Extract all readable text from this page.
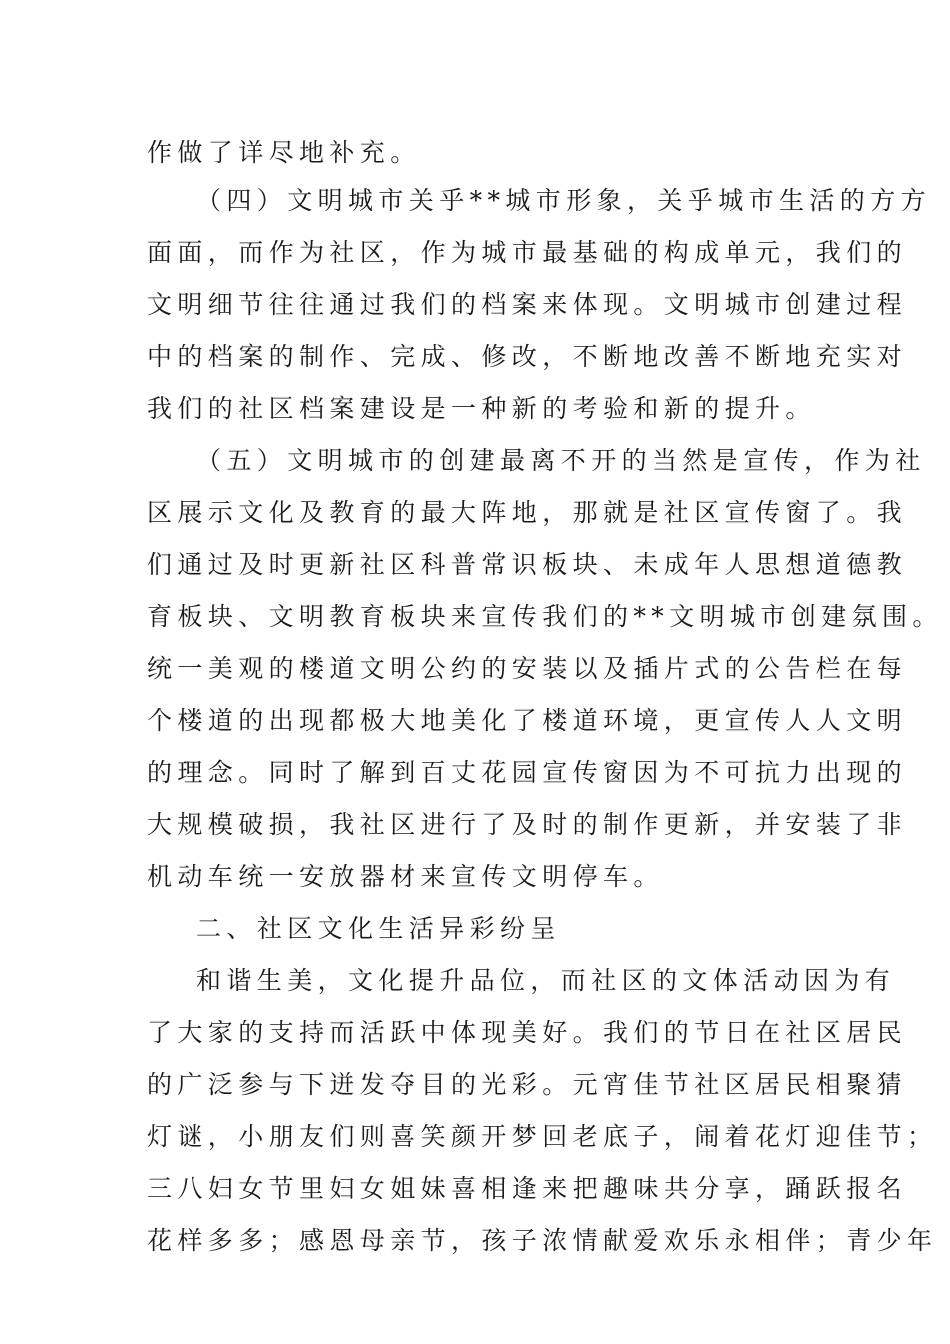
作做了详尽地补充。
（四）文明城市关乎**城市形象，关乎城市生活的方方
面面，而作为社区，作为城市最基础的构成单元，我们的
文明细节往往通过我们的档案来体现。文明城市创建过程
中的档案的制作、完成、修改，不断地改善不断地充实对
我们的社区档案建设是一种新的考验和新的提升。
（五）文明城市的创建最离不开的当然是宣传，作为社
区展示文化及教育的最大阵地，那就是社区宣传窗了。我
们通过及时更新社区科普常识板块、未成年人思想道德教
育板块、文明教育板块来宣传我们的**文明城市创建氛围。
统一美观的楼道文明公约的安装以及插片式的公告栏在每
个楼道的出现都极大地美化了楼道环境，更宣传人人文明
的理念。同时了解到百丈花园宣传窗因为不可抗力出现的
大规模破损，我社区进行了及时的制作更新，并安装了非
机动车统一安放器材来宣传文明停车。
二、社区文化生活异彩纷呈
和谐生美，文化提升品位，而社区的文体活动因为有
了大家的支持而活跃中体现美好。我们的节日在社区居民
的广泛参与下迸发夺目的光彩。元宵佳节社区居民相聚猜
灯谜，小朋友们则喜笑颜开梦回老底子，闹着花灯迎佳节；
三八妇女节里妇女姐妹喜相逢来把趣味共分享，踊跃报名
花样多多；感恩母亲节，孩子浓情献爱欢乐永相伴；青少年
